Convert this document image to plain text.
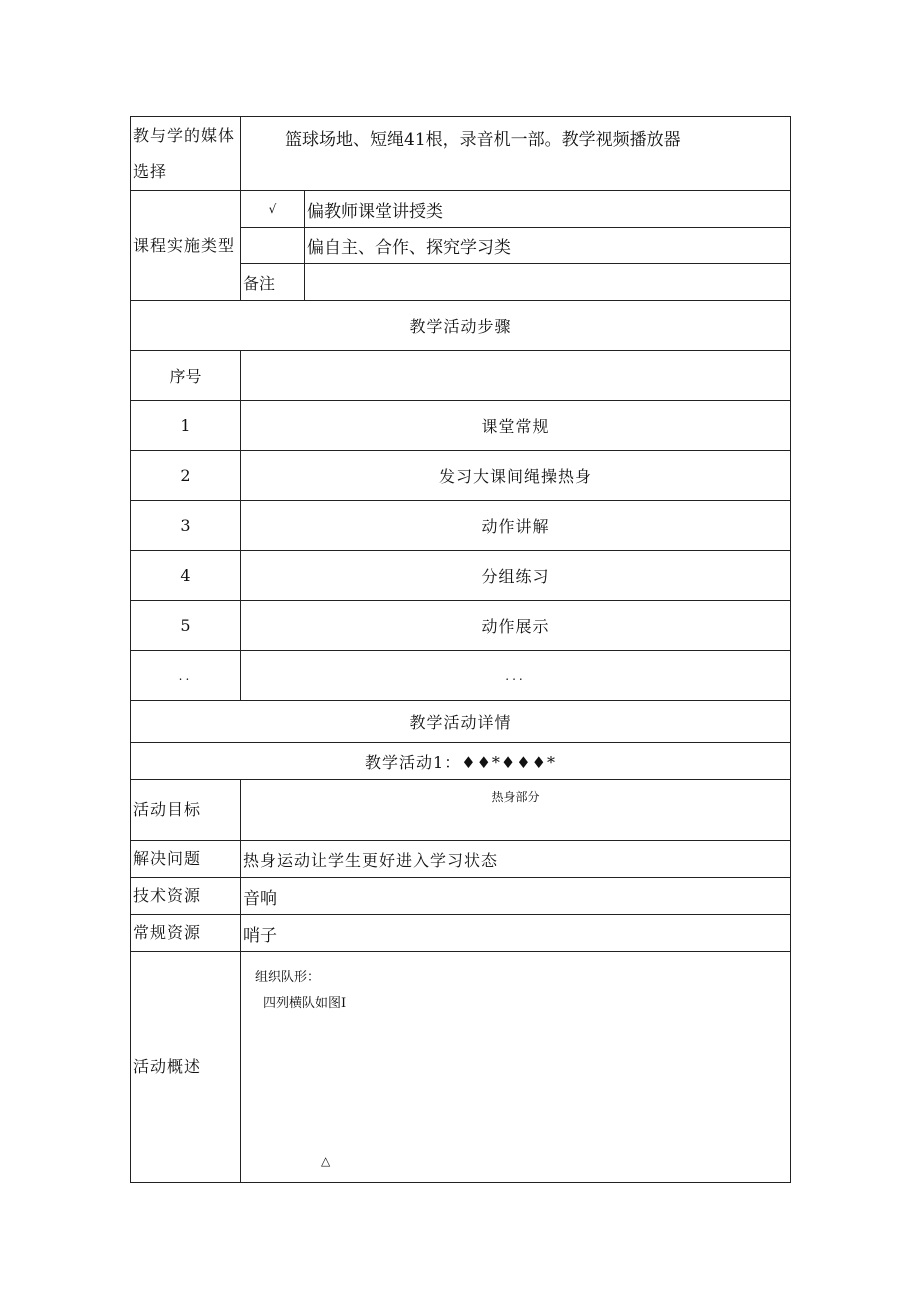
教与学的媒体选择	篮球场地、短绳41根，录音机一部。教学视频播放器	
课程实施类型	√	偏教师课堂讲授类
		偏自主、合作、探究学习类
	备注	
教学活动步骤		
序号		
1	课堂常规	
2	发习大课间绳操热身	
3	动作讲解	
4	分组练习	
5	动作展示	
..	...	
教学活动详情		
教学活动1：♦♦*♦♦♦*		
活动目标	热身部分	
解决问题	热身运动让学生更好进入学习状态	
技术资源	音响	
常规资源	哨子	
活动概述	组织队形：
四列横队如图I
△	
